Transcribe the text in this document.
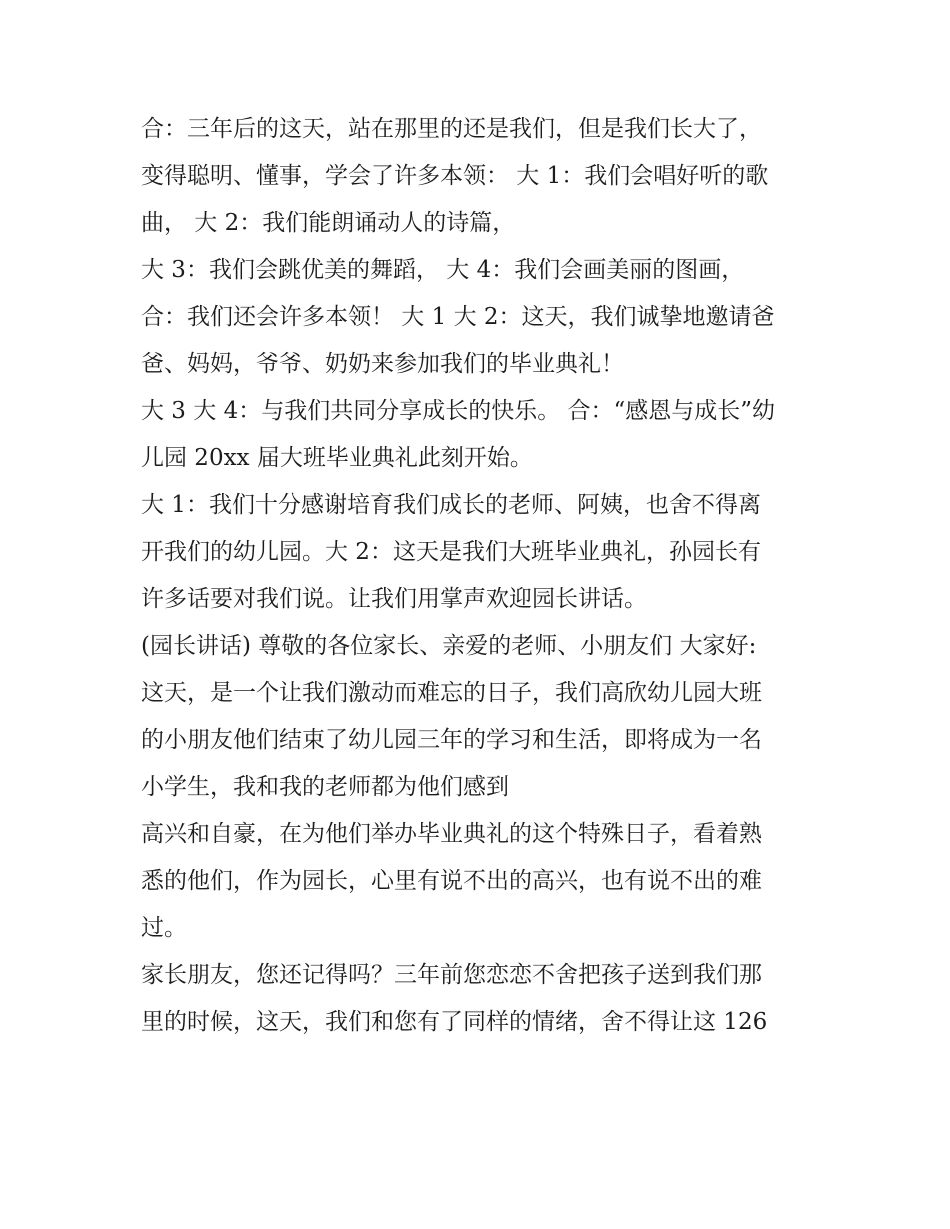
合：三年后的这天，站在那里的还是我们，但是我们长大了，
变得聪明、懂事，学会了许多本领： 大 1：我们会唱好听的歌
曲， 大 2：我们能朗诵动人的诗篇，
大 3：我们会跳优美的舞蹈， 大 4：我们会画美丽的图画，
合：我们还会许多本领！ 大 1 大 2：这天，我们诚挚地邀请爸
爸、妈妈，爷爷、奶奶来参加我们的毕业典礼！
大 3 大 4：与我们共同分享成长的快乐。 合：“感恩与成长”幼
儿园 20xx 届大班毕业典礼此刻开始。
大 1：我们十分感谢培育我们成长的老师、阿姨，也舍不得离
开我们的幼儿园。大 2：这天是我们大班毕业典礼，孙园长有
许多话要对我们说。让我们用掌声欢迎园长讲话。
(园长讲话) 尊敬的各位家长、亲爱的老师、小朋友们 大家好:
这天，是一个让我们激动而难忘的日子，我们高欣幼儿园大班
的小朋友他们结束了幼儿园三年的学习和生活，即将成为一名
小学生，我和我的老师都为他们感到
高兴和自豪，在为他们举办毕业典礼的这个特殊日子，看着熟
悉的他们，作为园长，心里有说不出的高兴，也有说不出的难
过。
家长朋友，您还记得吗？三年前您恋恋不舍把孩子送到我们那
里的时候，这天，我们和您有了同样的情绪，舍不得让这 126
